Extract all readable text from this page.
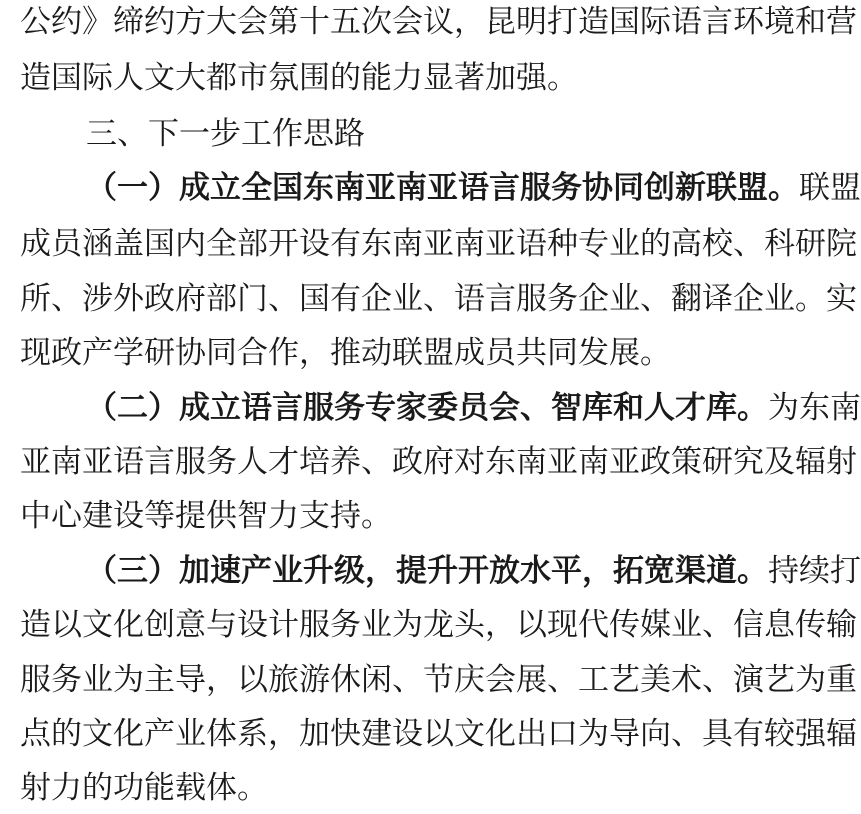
公约》缔约方大会第十五次会议，昆明打造国际语言环境和营
造国际人文大都市氛围的能力显著加强。
三、下一步工作思路
（一）成立全国东南亚南亚语言服务协同创新联盟。联盟
成员涵盖国内全部开设有东南亚南亚语种专业的高校、科研院
所、涉外政府部门、国有企业、语言服务企业、翻译企业。实
现政产学研协同合作，推动联盟成员共同发展。
（二）成立语言服务专家委员会、智库和人才库。为东南
亚南亚语言服务人才培养、政府对东南亚南亚政策研究及辐射
中心建设等提供智力支持。
（三）加速产业升级，提升开放水平，拓宽渠道。持续打
造以文化创意与设计服务业为龙头，以现代传媒业、信息传输
服务业为主导，以旅游休闲、节庆会展、工艺美术、演艺为重
点的文化产业体系，加快建设以文化出口为导向、具有较强辐
射力的功能载体。
